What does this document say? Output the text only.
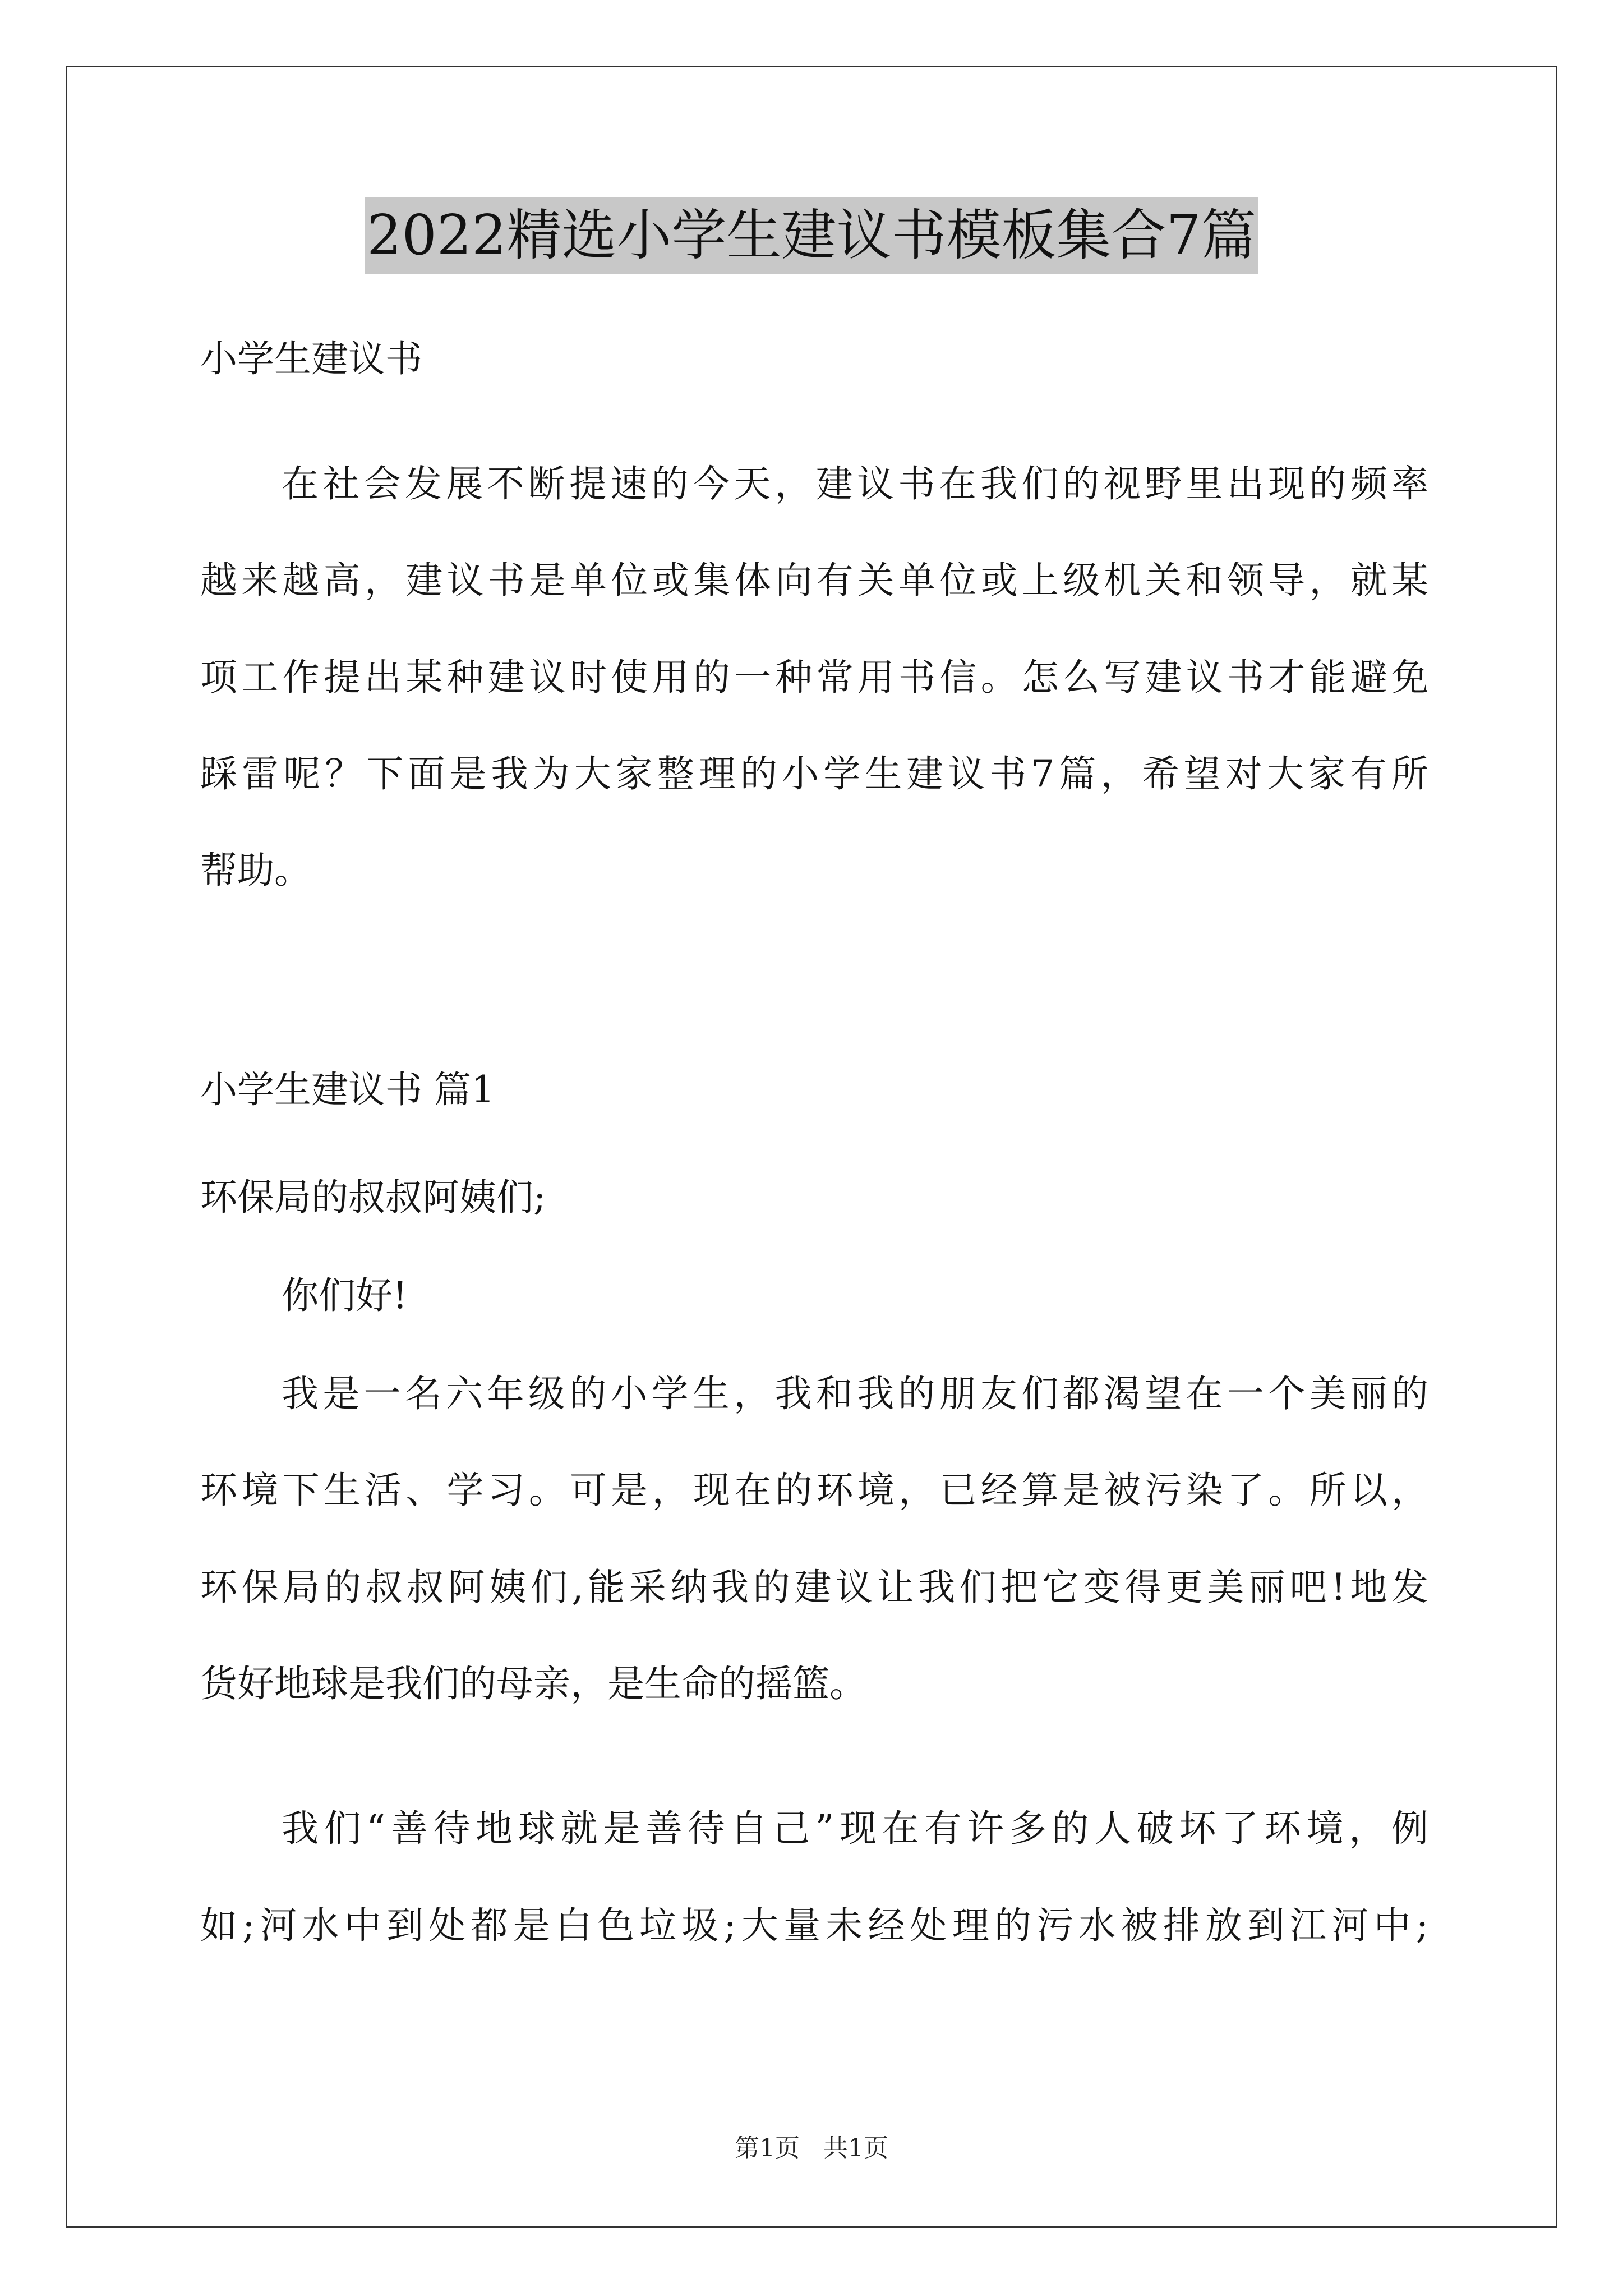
2022精选小学生建议书模板集合7篇
小学生建议书
在社会发展不断提速的今天，建议书在我们的视野里出现的频率
越来越高，建议书是单位或集体向有关单位或上级机关和领导，就某
项工作提出某种建议时使用的一种常用书信。怎么写建议书才能避免
踩雷呢？下面是我为大家整理的小学生建议书7篇，希望对大家有所
帮助。
小学生建议书 篇1
环保局的叔叔阿姨们;
你们好!
我是一名六年级的小学生，我和我的朋友们都渴望在一个美丽的
环境下生活、学习。可是，现在的环境，已经算是被污染了。所以，
环保局的叔叔阿姨们,能采纳我的建议让我们把它变得更美丽吧!地发
货好地球是我们的母亲，是生命的摇篮。
我们“善待地球就是善待自己”现在有许多的人破坏了环境，例
如;河水中到处都是白色垃圾;大量未经处理的污水被排放到江河中;
第1页   共1页
